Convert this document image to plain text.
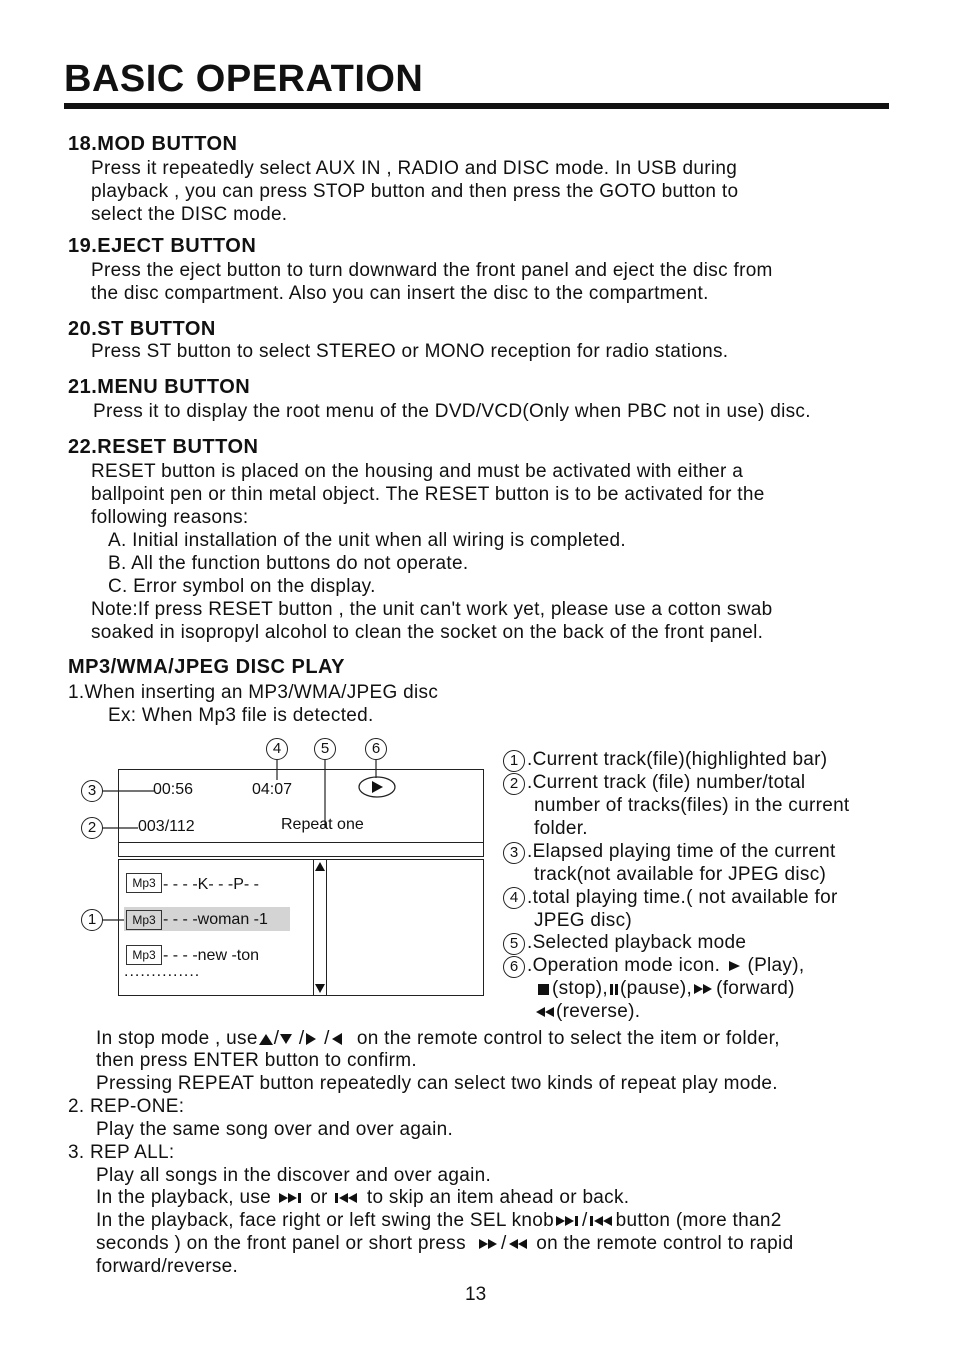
BASIC OPERATION
18.MOD BUTTON
Press it repeatedly select AUX IN , RADIO and DISC mode. In USB during
playback , you can press STOP button and then press the GOTO button to
select the DISC mode.
19.EJECT BUTTON
Press the eject button to turn downward the front panel and eject the disc from
the disc compartment. Also you can insert the disc to the compartment.
20.ST BUTTON
Press ST button to select STEREO or MONO reception for radio stations.
21.MENU BUTTON
Press it to display the root menu of the DVD/VCD(Only when PBC not in use) disc.
22.RESET BUTTON
RESET button is placed on the housing and must be activated with either a
ballpoint pen or thin metal object. The RESET button is to be activated for the
following reasons:
A. Initial installation of the unit when all wiring is completed.
B. All the function buttons do not operate.
C. Error symbol on the display.
Note:If press RESET button , the unit can't work yet, please use a cotton swab
soaked in isopropyl alcohol to clean the socket on the back of the front panel.
MP3/WMA/JPEG DISC PLAY
1.When inserting an MP3/WMA/JPEG disc
Ex: When Mp3 file is detected.
4	5	6
3
2
1
00:56	04:07
003/112	Repeat one
Mp3 - - - -K- - -P- -
Mp3 - - - -woman -1
Mp3 - - - -new -ton
..............
1 .Current track(file)(highlighted bar)
2 .Current track (file) number/total
number of tracks(files) in the current
folder.
3 .Elapsed playing time of the current
track(not available for JPEG disc)
4 .total playing time.( not available for
JPEG disc)
5 .Selected playback mode
6 .Operation mode icon. (Play),
(stop), (pause), (forward)
(reverse).
In stop mode , use / / / on the remote control to select the item or folder,
then press ENTER button to confirm.
Pressing REPEAT button repeatedly can select two kinds of repeat play mode.
2. REP-ONE:
Play the same song over and over again.
3. REP ALL:
Play all songs in the discover and over again.
In the playback, use or to skip an item ahead or back.
In the playback, face right or left swing the SEL knob / button (more than2
seconds ) on the front panel or short press / on the remote control to rapid
forward/reverse.
13
